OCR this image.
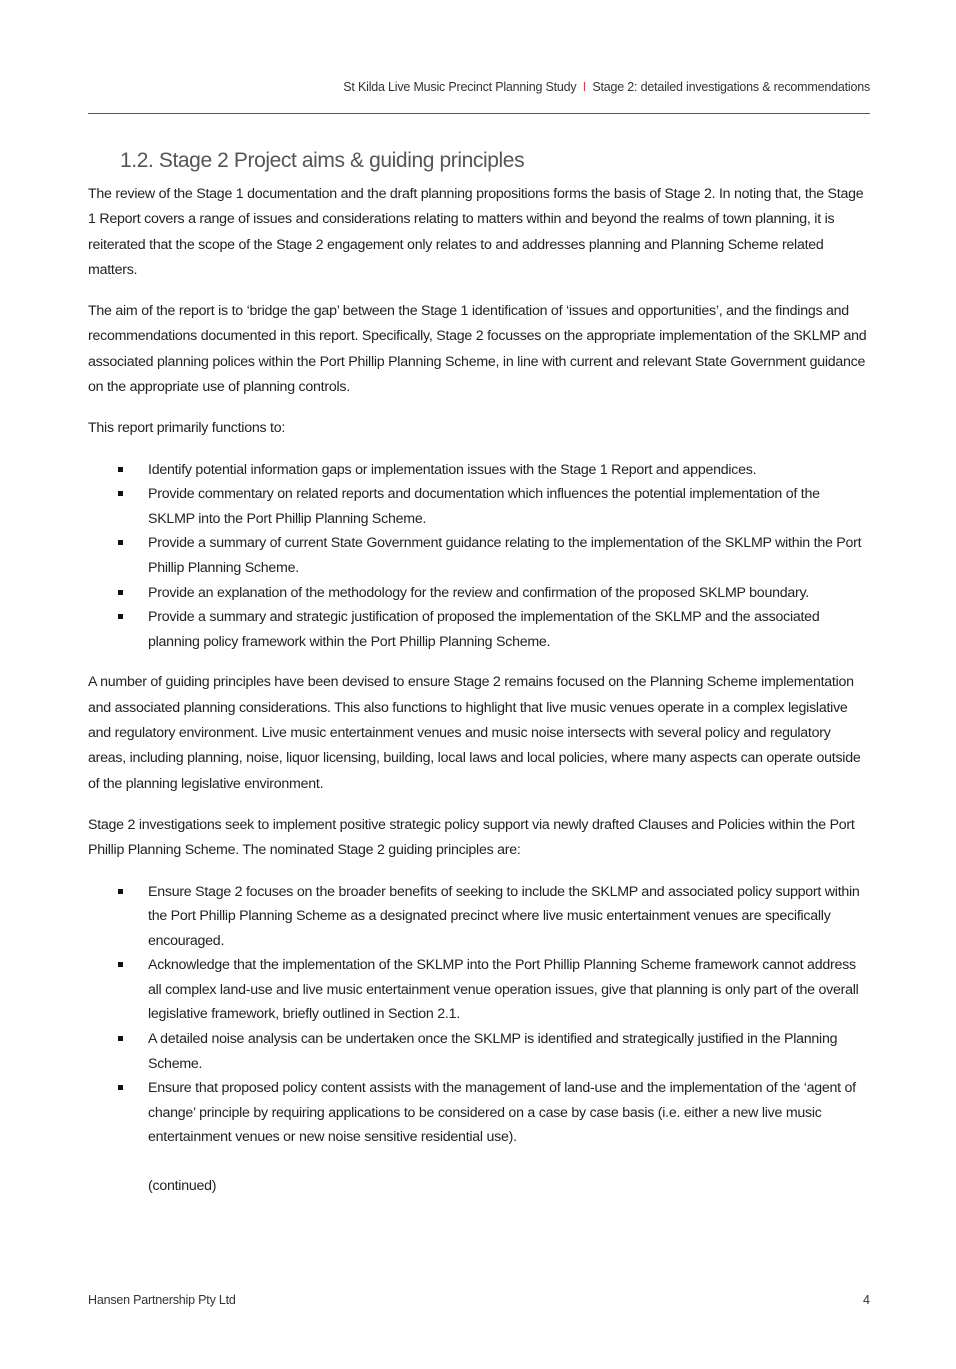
St Kilda Live Music Precinct Planning Study I Stage 2: detailed investigations & recommendations
1.2. Stage 2 Project aims & guiding principles

The review of the Stage 1 documentation and the draft planning propositions forms the basis of Stage 2. In noting that, the Stage 1 Report covers a range of issues and considerations relating to matters within and beyond the realms of town planning, it is reiterated that the scope of the Stage 2 engagement only relates to and addresses planning and Planning Scheme related matters.

The aim of the report is to ‘bridge the gap’ between the Stage 1 identification of ‘issues and opportunities’, and the findings and recommendations documented in this report. Specifically, Stage 2 focusses on the appropriate implementation of the SKLMP and associated planning polices within the Port Phillip Planning Scheme, in line with current and relevant State Government guidance on the appropriate use of planning controls.

This report primarily functions to:

Identify potential information gaps or implementation issues with the Stage 1 Report and appendices.
Provide commentary on related reports and documentation which influences the potential implementation of the SKLMP into the Port Phillip Planning Scheme.
Provide a summary of current State Government guidance relating to the implementation of the SKLMP within the Port Phillip Planning Scheme.
Provide an explanation of the methodology for the review and confirmation of the proposed SKLMP boundary.
Provide a summary and strategic justification of proposed the implementation of the SKLMP and the associated planning policy framework within the Port Phillip Planning Scheme.

A number of guiding principles have been devised to ensure Stage 2 remains focused on the Planning Scheme implementation and associated planning considerations. This also functions to highlight that live music venues operate in a complex legislative and regulatory environment. Live music entertainment venues and music noise intersects with several policy and regulatory areas, including planning, noise, liquor licensing, building, local laws and local policies, where many aspects can operate outside of the planning legislative environment.

Stage 2 investigations seek to implement positive strategic policy support via newly drafted Clauses and Policies within the Port Phillip Planning Scheme. The nominated Stage 2 guiding principles are:

Ensure Stage 2 focuses on the broader benefits of seeking to include the SKLMP and associated policy support within the Port Phillip Planning Scheme as a designated precinct where live music entertainment venues are specifically encouraged.
Acknowledge that the implementation of the SKLMP into the Port Phillip Planning Scheme framework cannot address all complex land-use and live music entertainment venue operation issues, give that planning is only part of the overall legislative framework, briefly outlined in Section 2.1.
A detailed noise analysis can be undertaken once the SKLMP is identified and strategically justified in the Planning Scheme.
Ensure that proposed policy content assists with the management of land-use and the implementation of the ‘agent of change’ principle by requiring applications to be considered on a case by case basis (i.e. either a new live music entertainment venues or new noise sensitive residential use).

(continued)

Hansen Partnership Pty Ltd	4
